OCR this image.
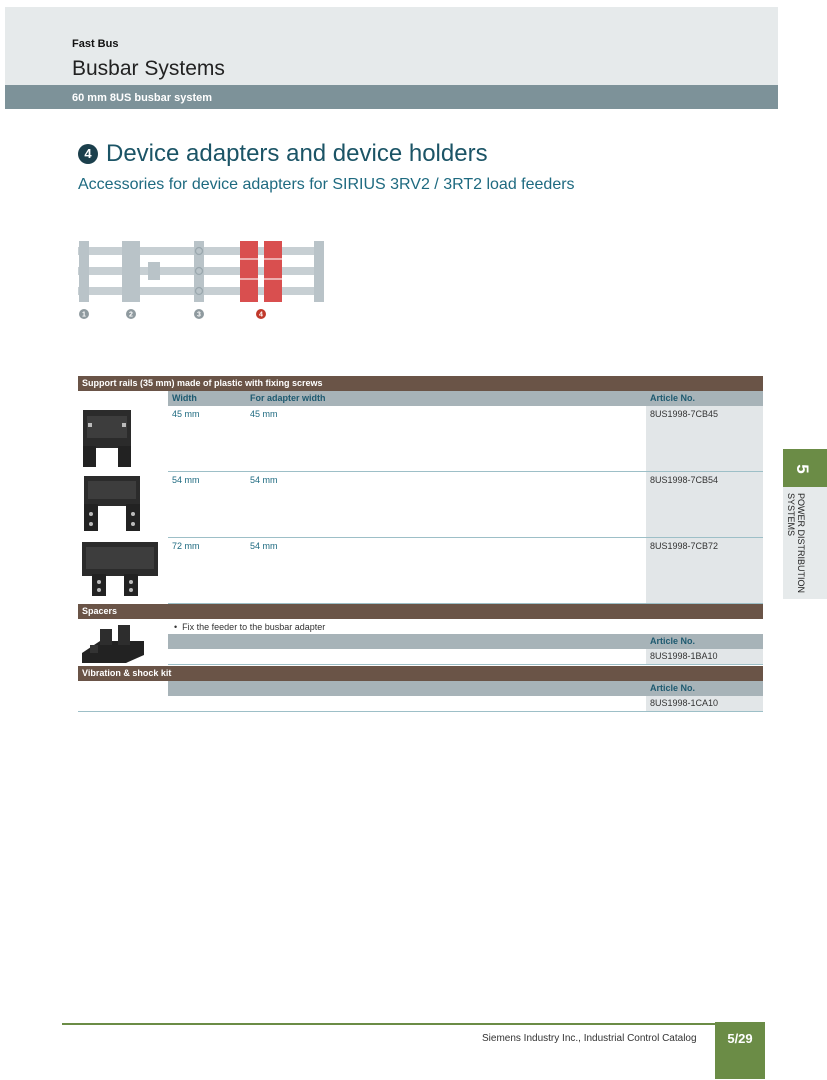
Fast Bus
Busbar Systems
60 mm 8US busbar system
4 Device adapters and device holders
Accessories for device adapters for SIRIUS 3RV2 / 3RT2 load feeders
1	2	3	4
Support rails (35 mm) made of plastic with fixing screws
Width	For adapter width	Article No.
45 mm	45 mm	8US1998-7CB45
54 mm	54 mm	8US1998-7CB54
72 mm	54 mm	8US1998-7CB72
Spacers
•  Fix the feeder to the busbar adapter
Article No.
8US1998-1BA10
Vibration & shock kit
Article No.
8US1998-1CA10
5
POWER DISTRIBUTION
SYSTEMS
Siemens Industry Inc., Industrial Control Catalog	5/29
